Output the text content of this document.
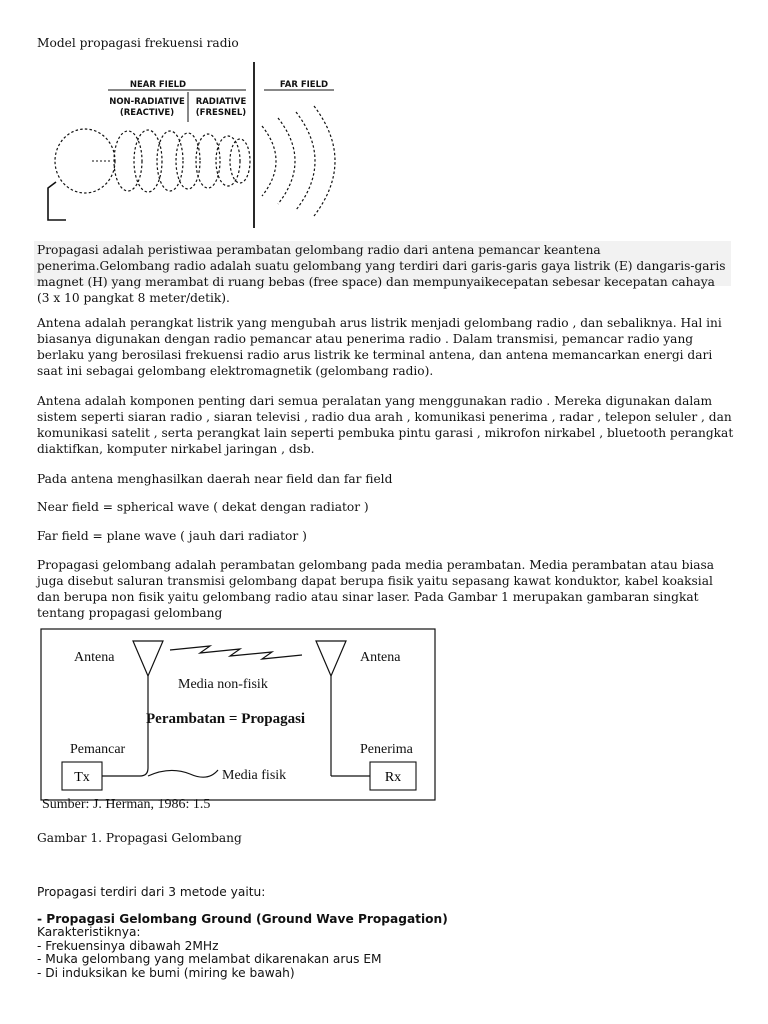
Model propagasi frekuensi radio
NEAR FIELD	FAR FIELD
NON-RADIATIVE
(REACTIVE)
RADIATIVE
(FRESNEL)
Propagasi adalah peristiwaa perambatan gelombang radio dari antena pemancar keantena penerima.Gelombang radio adalah suatu gelombang yang terdiri dari garis-garis gaya listrik (E) dangaris-garis magnet (H) yang merambat di ruang bebas (free space) dan mempunyaikecepatan sebesar kecepatan cahaya (3 x 10 pangkat 8 meter/detik).
Antena adalah perangkat listrik yang mengubah arus listrik menjadi gelombang radio , dan sebaliknya. Hal ini biasanya digunakan dengan radio pemancar atau penerima radio . Dalam transmisi, pemancar radio yang berlaku yang berosilasi frekuensi radio arus listrik ke terminal antena, dan antena memancarkan energi dari saat ini sebagai gelombang elektromagnetik (gelombang radio).
Antena adalah komponen penting dari semua peralatan yang menggunakan radio . Mereka digunakan dalam sistem seperti siaran radio , siaran televisi , radio dua arah , komunikasi penerima , radar , telepon seluler , dan komunikasi satelit , serta perangkat lain seperti pembuka pintu garasi , mikrofon nirkabel , bluetooth perangkat diaktifkan, komputer nirkabel jaringan , dsb.
Pada antena menghasilkan daerah near field dan far field
Near field = spherical wave ( dekat dengan radiator )
Far field = plane wave ( jauh dari radiator )
Propagasi gelombang adalah perambatan gelombang pada media perambatan. Media perambatan atau biasa juga disebut saluran transmisi gelombang dapat berupa fisik yaitu sepasang kawat konduktor, kabel koaksial dan berupa non fisik yaitu gelombang radio atau sinar laser. Pada Gambar 1 merupakan gambaran singkat tentang propagasi gelombang
Antena	Antena
Media non-fisik
Perambatan = Propagasi
Pemancar	Penerima
Media fisik
Tx	Rx
Sumber: J. Herman, 1986: 1.5
Gambar 1. Propagasi Gelombang
Propagasi terdiri dari 3 metode yaitu:
- Propagasi Gelombang Ground (Ground Wave Propagation)
Karakteristiknya:
- Frekuensinya dibawah 2MHz
- Muka gelombang yang melambat dikarenakan arus EM
- Di induksikan ke bumi (miring ke bawah)
